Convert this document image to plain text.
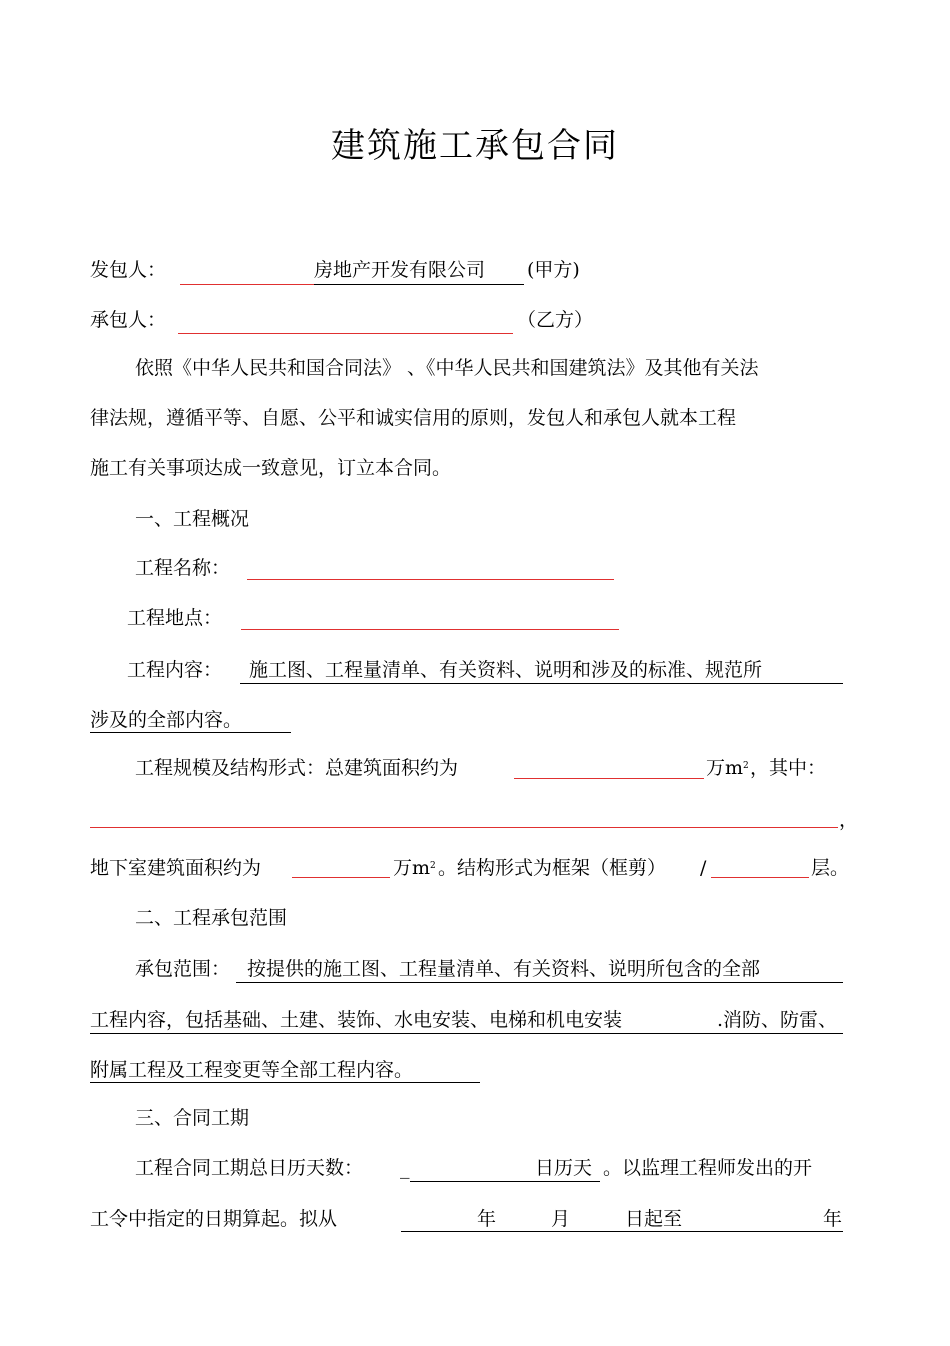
建筑施工承包合同
发包人：	房地产开发有限公司 (甲方)
承包人：	（乙方）
依照《中华人民共和国合同法》 、《中华人民共和国建筑法》及其他有关法
律法规，遵循平等、自愿、公平和诚实信用的原则，发包人和承包人就本工程
施工有关事项达成一致意见，订立本合同。
一、工程概况
工程名称：
工程地点：
工程内容： 施工图、工程量清单、有关资料、说明和涉及的标准、规范所
涉及的全部内容。
工程规模及结构形式：总建筑面积约为	万$m^2$ ，其中：
，
地下室建筑面积约为	万$m^2$ 。结构形式为框架（框剪） /	层。
二、工程承包范围
承包范围： 按提供的施工图、工程量清单、有关资料、说明所包含的全部
工程内容，包括基础、土建、装饰、水电安装、电梯和机电安装	.消防、防雷、
附属工程及工程变更等全部工程内容。
三、合同工期
工程合同工期总日历天数： _	日历天 。以监理工程师发出的开
工令中指定的日期算起。拟从	年	月	日起至	年
